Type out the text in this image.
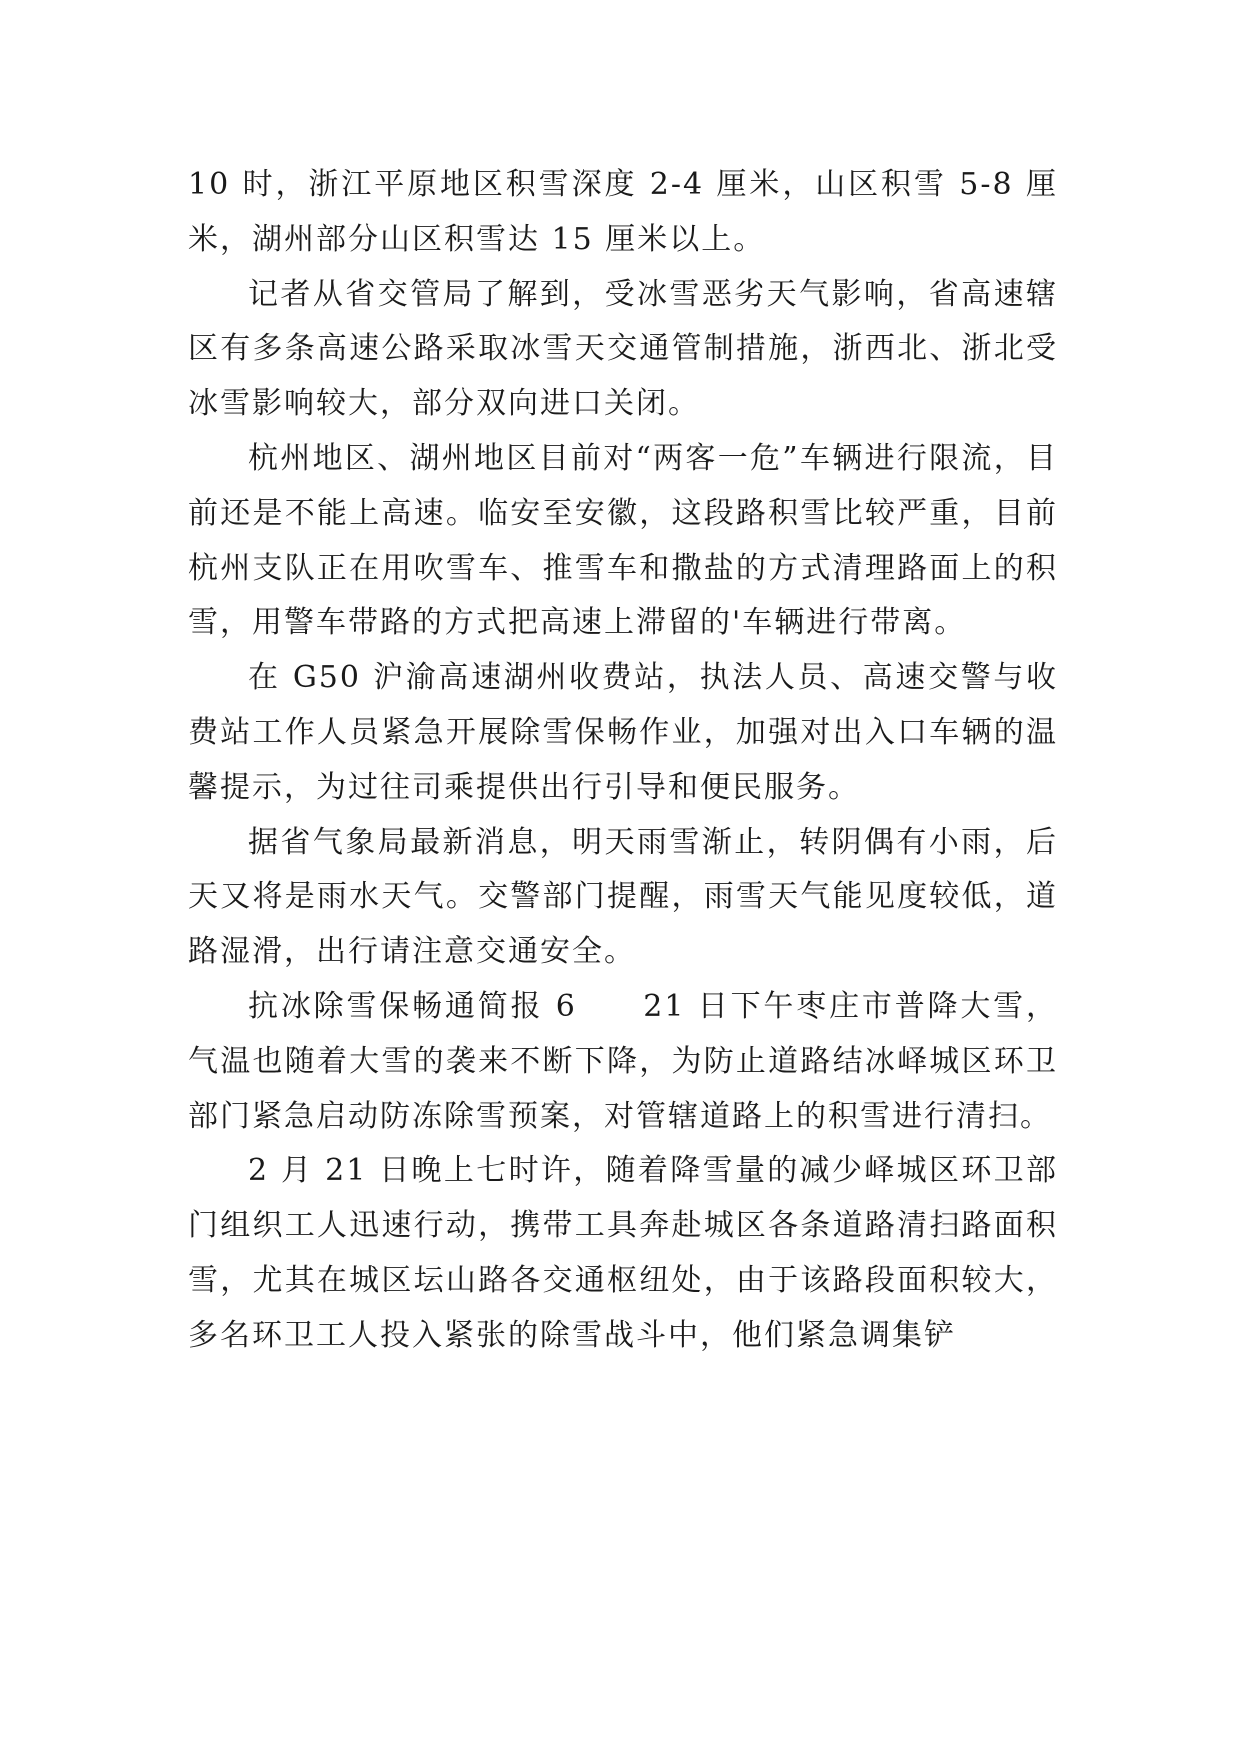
10 时，浙江平原地区积雪深度 2-4 厘米，山区积雪 5-8 厘米，湖州部分山区积雪达 15 厘米以上。

记者从省交管局了解到，受冰雪恶劣天气影响，省高速辖区有多条高速公路采取冰雪天交通管制措施，浙西北、浙北受冰雪影响较大，部分双向进口关闭。

杭州地区、湖州地区目前对“两客一危”车辆进行限流，目前还是不能上高速。临安至安徽，这段路积雪比较严重，目前杭州支队正在用吹雪车、推雪车和撒盐的方式清理路面上的积雪，用警车带路的方式把高速上滞留的'车辆进行带离。

在 G50 沪渝高速湖州收费站，执法人员、高速交警与收费站工作人员紧急开展除雪保畅作业，加强对出入口车辆的温馨提示，为过往司乘提供出行引导和便民服务。

据省气象局最新消息，明天雨雪渐止，转阴偶有小雨，后天又将是雨水天气。交警部门提醒，雨雪天气能见度较低，道路湿滑，出行请注意交通安全。

抗冰除雪保畅通简报 6　　21 日下午枣庄市普降大雪，气温也随着大雪的袭来不断下降，为防止道路结冰峄城区环卫部门紧急启动防冻除雪预案，对管辖道路上的积雪进行清扫。

2 月 21 日晚上七时许，随着降雪量的减少峄城区环卫部门组织工人迅速行动，携带工具奔赴城区各条道路清扫路面积雪，尤其在城区坛山路各交通枢纽处，由于该路段面积较大，多名环卫工人投入紧张的除雪战斗中，他们紧急调集铲
